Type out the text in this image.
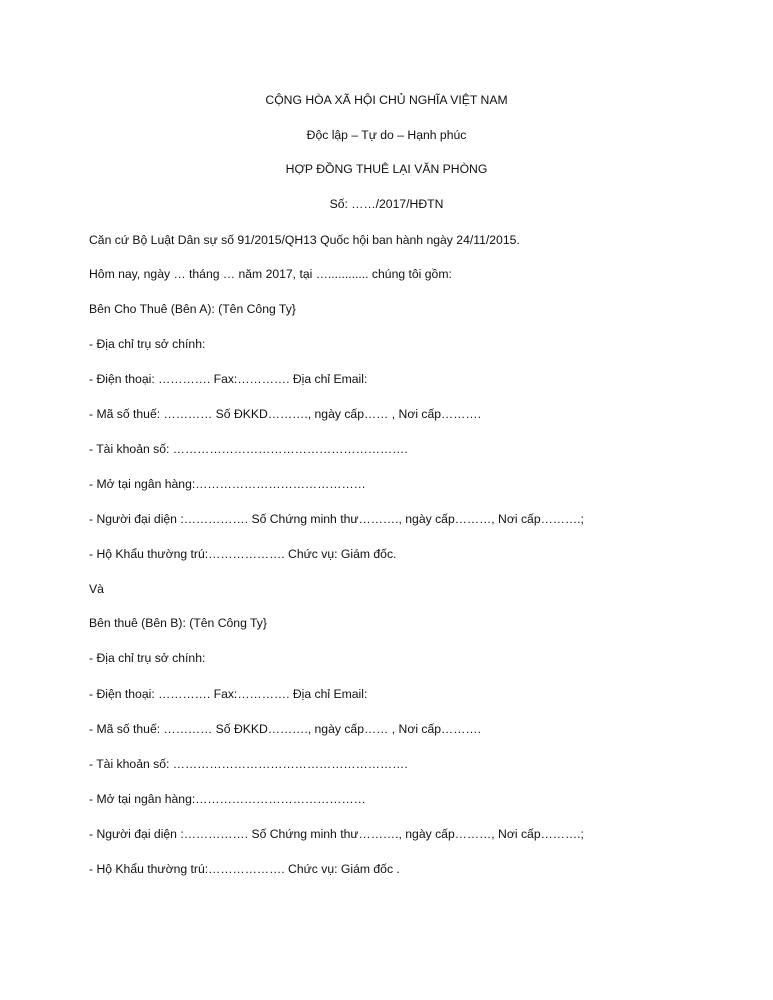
CỘNG HÒA XÃ HỘI CHỦ NGHĨA VIỆT NAM
Độc lập – Tự do – Hạnh phúc
HỢP ĐỒNG THUÊ LẠI VĂN PHÒNG
Số: ……/2017/HĐTN
Căn cứ Bộ Luật Dân sự số 91/2015/QH13 Quốc hội ban hành ngày 24/11/2015.
Hôm nay, ngày … tháng … năm 2017, tại …............ chúng tôi gồm:
Bên Cho Thuê (Bên A): (Tên Công Ty}
- Địa chỉ trụ sở chính:
- Điện thoại: …………. Fax:…………. Địa chỉ Email:
- Mã số thuế: ………… Số ĐKKD………., ngày cấp…… , Nơi cấp……….
- Tài khoản số: ………………………………………………….
- Mở tại ngân hàng:……………………………………
- Người đại diện :……………. Số Chứng minh thư………., ngày cấp………, Nơi cấp……….;
- Hộ Khẩu thường trú:………………. Chức vụ: Giám đốc.
Và
Bên thuê (Bên B): (Tên Công Ty}
- Địa chỉ trụ sở chính:
- Điện thoại: …………. Fax:…………. Địa chỉ Email:
- Mã số thuế: ………… Số ĐKKD………., ngày cấp…… , Nơi cấp……….
- Tài khoản số: ………………………………………………….
- Mở tại ngân hàng:……………………………………
- Người đại diện :……………. Số Chứng minh thư………., ngày cấp………, Nơi cấp……….;
- Hộ Khẩu thường trú:………………. Chức vụ: Giám đốc .
